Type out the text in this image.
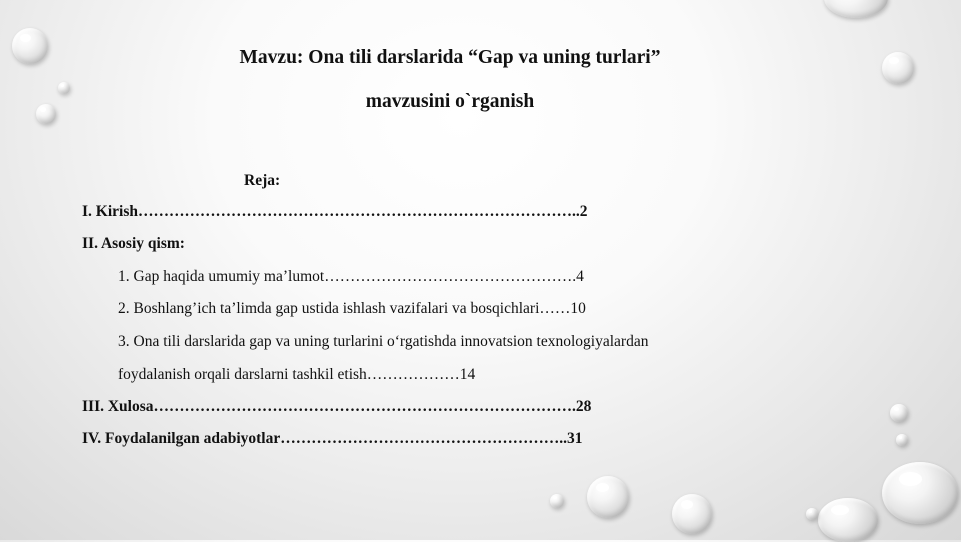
Mavzu: Ona tili darslarida “Gap va uning turlari”
mavzusini o`rganish
Reja:
I. Kirish…………………………………………………………………………..2
II. Asosiy qism:
1. Gap haqida umumiy ma’lumot………………………………………….4
2. Boshlang’ich ta’limda gap ustida ishlash vazifalari va bosqichlari……10
3. Ona tili darslarida gap va uning turlarini o‘rgatishda innovatsion texnologiyalardan
foydalanish orqali darslarni tashkil etish………………14
III. Xulosa……………………………………………………………………….28
IV. Foydalanilgan adabiyotlar………………………………………………..31
